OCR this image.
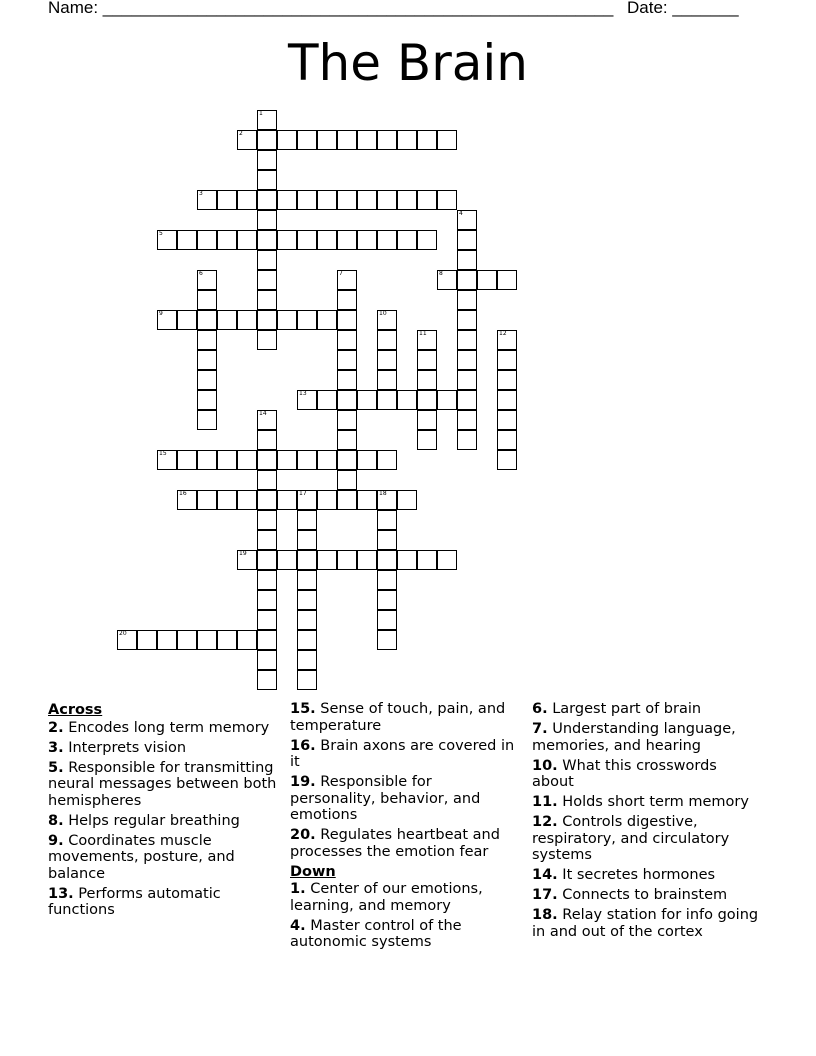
Name: ______________________________________________________ Date: _______
The Brain
1
2
3
4
5
6	7	8
9	10
11	12
13
14
15
16	17	18
19
20
Across
2. Encodes long term memory
3. Interprets vision
5. Responsible for transmitting neural messages between both hemispheres
8. Helps regular breathing
9. Coordinates muscle movements, posture, and balance
13. Performs automatic functions
15. Sense of touch, pain, and temperature
16. Brain axons are covered in it
19. Responsible for personality, behavior, and emotions
20. Regulates heartbeat and processes the emotion fear
Down
1. Center of our emotions, learning, and memory
4. Master control of the autonomic systems
6. Largest part of brain
7. Understanding language, memories, and hearing
10. What this crosswords about
11. Holds short term memory
12. Controls digestive, respiratory, and circulatory systems
14. It secretes hormones
17. Connects to brainstem
18. Relay station for info going in and out of the cortex
